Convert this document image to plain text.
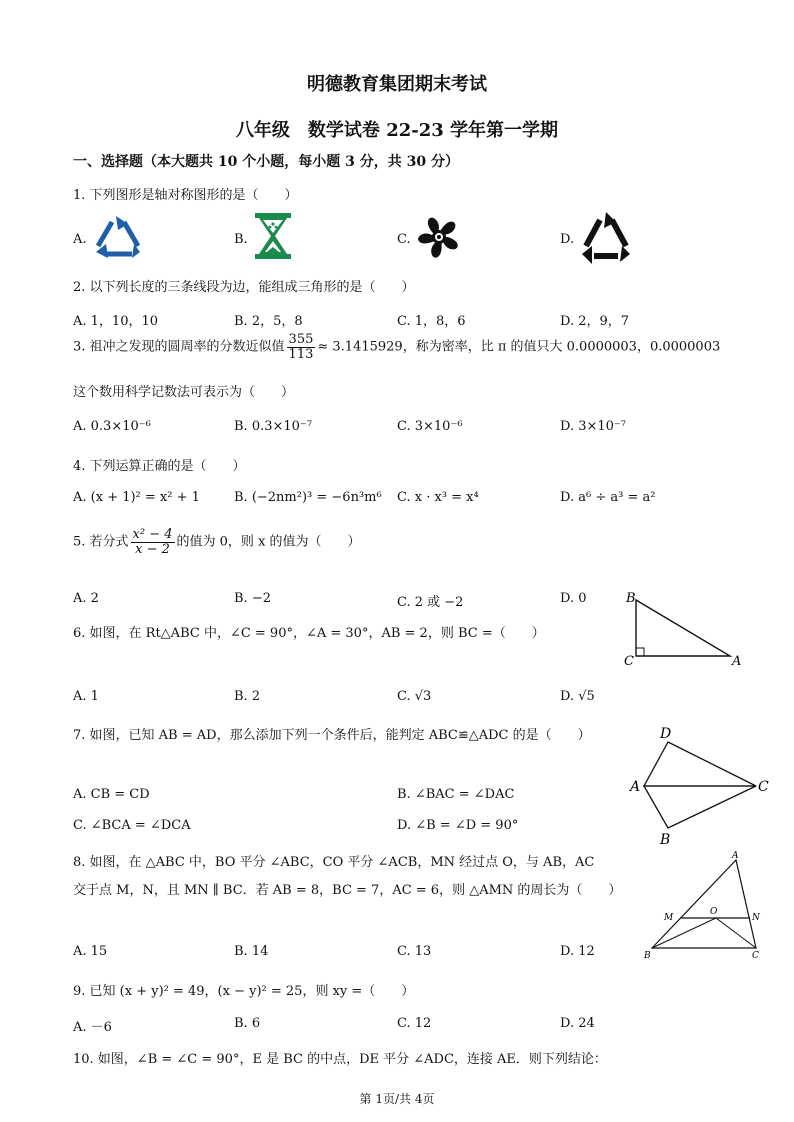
明德教育集团期末考试
八年级　数学试卷 22-23 学年第一学期
一、选择题（本大题共 10 个小题，每小题 3 分，共 30 分）
1. 下列图形是轴对称图形的是（　　）
A.	B.	C.	D.
2. 以下列长度的三条线段为边，能组成三角形的是（　　）
A. 1，10，10	B. 2，5，8	C. 1，8，6	D. 2，9，7
3. 祖冲之发现的圆周率的分数近似值 $\frac{355}{113} \approx 3.1415929$，称为密率，比 π 的值只大 0.0000003，0.0000003
这个数用科学记数法可表示为（　　）
A. 0.3×10⁻⁶	B. 0.3×10⁻⁷	C. 3×10⁻⁶	D. 3×10⁻⁷
4. 下列运算正确的是（　　）
A. (x + 1)² = x² + 1	B. (−2nm²)³ = −6n³m⁶ C. x · x³ = x⁴	D. a⁶ ÷ a³ = a²
5. 若分式 $\frac{\text{x² − 4}}{x - 2}$ 的值为 0，则 x 的值为（　　）
A. 2	B. −2	C. 2 或 −2	D. 0
6. 如图，在 Rt△ABC 中，∠C = 90°，∠A = 30°，AB = 2，则 BC =（　　）
B
C	A
A. 1	B. 2	C. √3	D. √5
7. 如图，已知 AB = AD，那么添加下列一个条件后，能判定 ABC≌△ADC 的是（　　）	D
A	C
B
A. CB = CD	B. ∠BAC = ∠DAC
C. ∠BCA = ∠DCA	D. ∠B = ∠D = 90°
8. 如图，在 △ABC 中，BO 平分 ∠ABC，CO 平分 ∠ACB，MN 经过点 O，与 AB，AC
交于点 M，N，且 MN ∥ BC．若 AB = 8，BC = 7，AC = 6，则 △AMN 的周长为（　　）
A
M
O
N
B	C
A. 15	B. 14	C. 13	D. 12
9. 已知 (x + y)² = 49，(x − y)² = 25，则 xy =（　　）
A. －6	B. 6	C. 12	D. 24
10. 如图，∠B = ∠C = 90°，E 是 BC 的中点，DE 平分 ∠ADC，连接 AE．则下列结论：
第 1页/共 4页
